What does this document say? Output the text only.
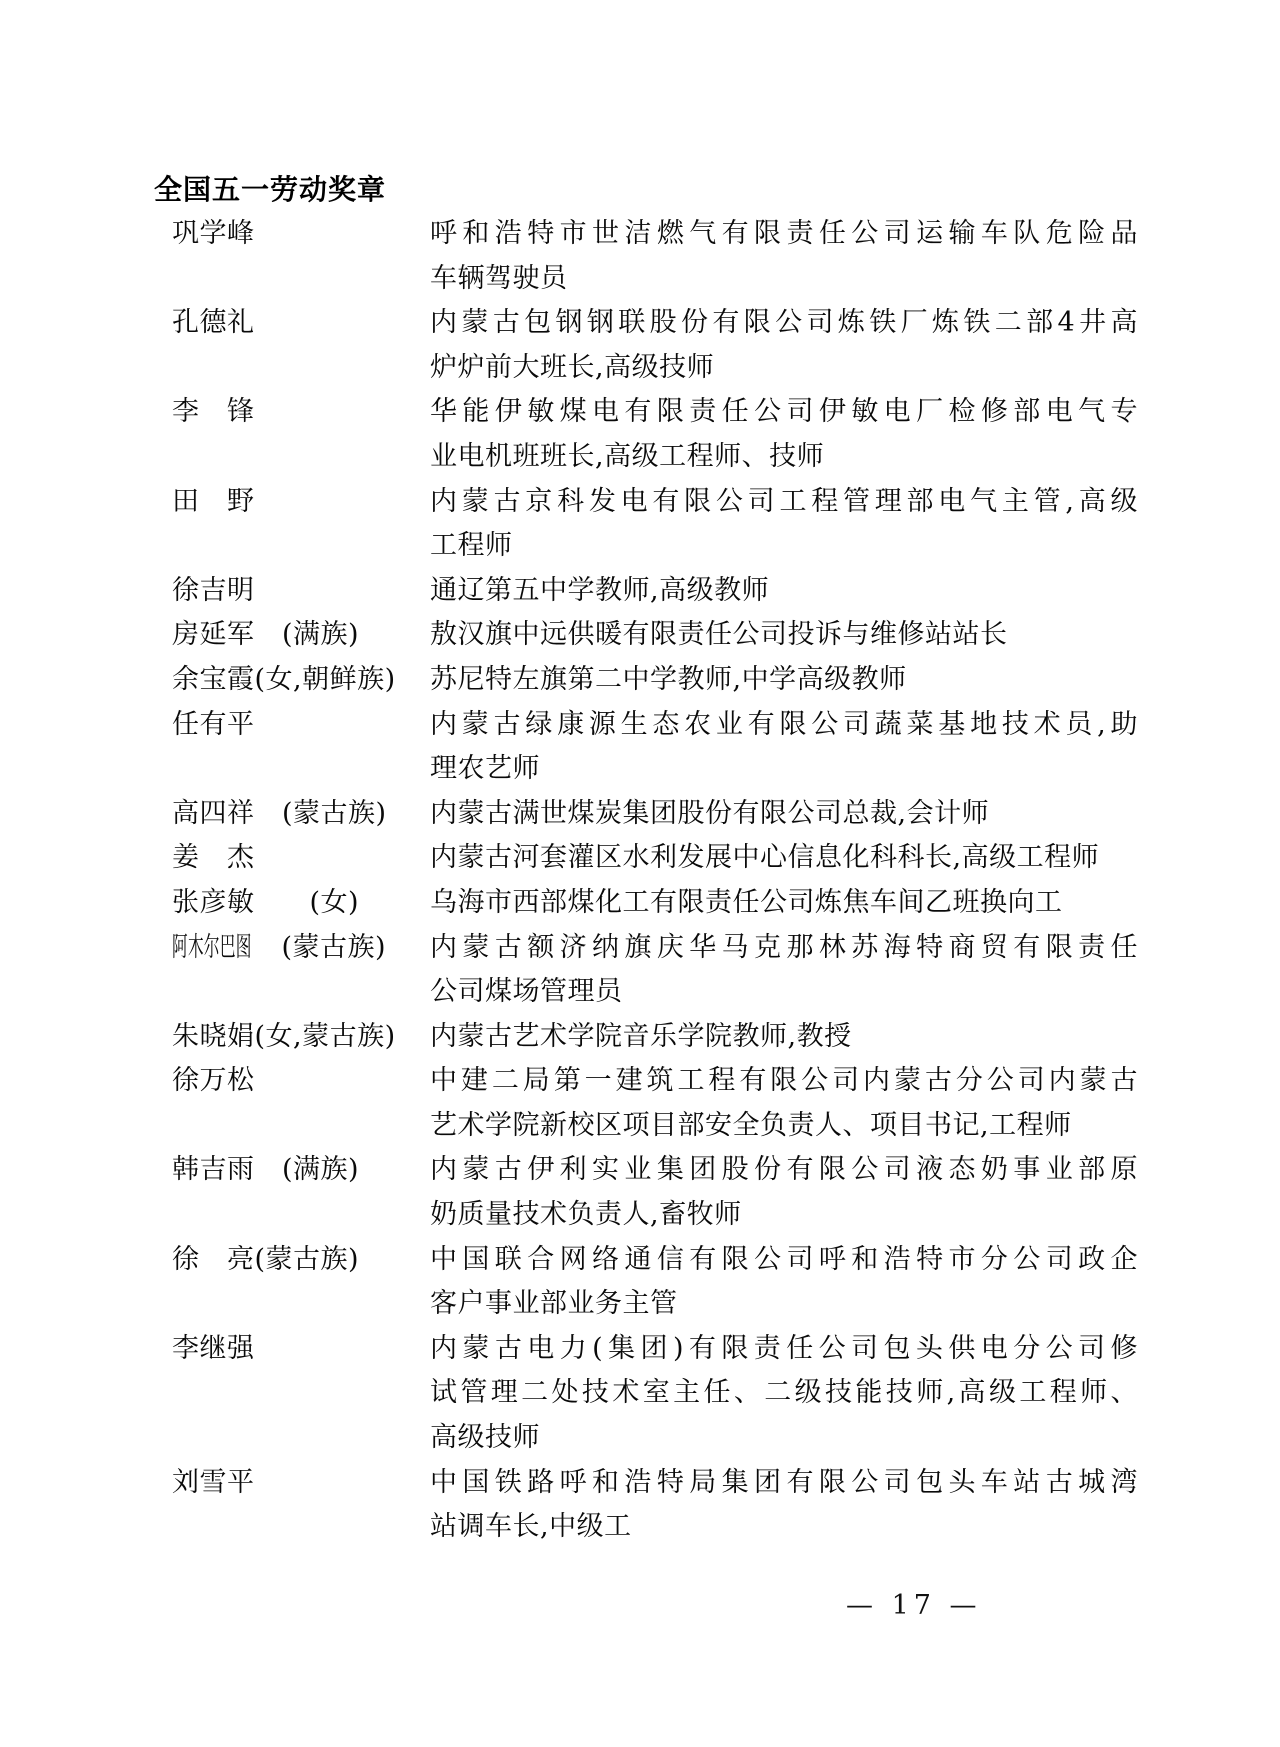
全国五一劳动奖章
巩学峰	呼和浩特市世洁燃气有限责任公司运输车队危险品
车辆驾驶员
孔德礼	内蒙古包钢钢联股份有限公司炼铁厂炼铁二部4井高
炉炉前大班长,高级技师
李　锋	华能伊敏煤电有限责任公司伊敏电厂检修部电气专
业电机班班长,高级工程师、技师
田　野	内蒙古京科发电有限公司工程管理部电气主管,高级
工程师
徐吉明	通辽第五中学教师,高级教师
房延军　(满族)	敖汉旗中远供暖有限责任公司投诉与维修站站长
余宝霞(女,朝鲜族)	苏尼特左旗第二中学教师,中学高级教师
任有平	内蒙古绿康源生态农业有限公司蔬菜基地技术员,助
理农艺师
高四祥　(蒙古族)	内蒙古满世煤炭集团股份有限公司总裁,会计师
姜　杰	内蒙古河套灌区水利发展中心信息化科科长,高级工程师
张彦敏　　(女)	乌海市西部煤化工有限责任公司炼焦车间乙班换向工
阿木尔巴图　(蒙古族)	内蒙古额济纳旗庆华马克那林苏海特商贸有限责任
公司煤场管理员
朱晓娟(女,蒙古族)	内蒙古艺术学院音乐学院教师,教授
徐万松	中建二局第一建筑工程有限公司内蒙古分公司内蒙古
艺术学院新校区项目部安全负责人、项目书记,工程师
韩吉雨　(满族)	内蒙古伊利实业集团股份有限公司液态奶事业部原
奶质量技术负责人,畜牧师
徐　亮(蒙古族)	中国联合网络通信有限公司呼和浩特市分公司政企
客户事业部业务主管
李继强	内蒙古电力(集团)有限责任公司包头供电分公司修
试管理二处技术室主任、二级技能技师,高级工程师、
高级技师
刘雪平	中国铁路呼和浩特局集团有限公司包头车站古城湾
站调车长,中级工
— 17 —
